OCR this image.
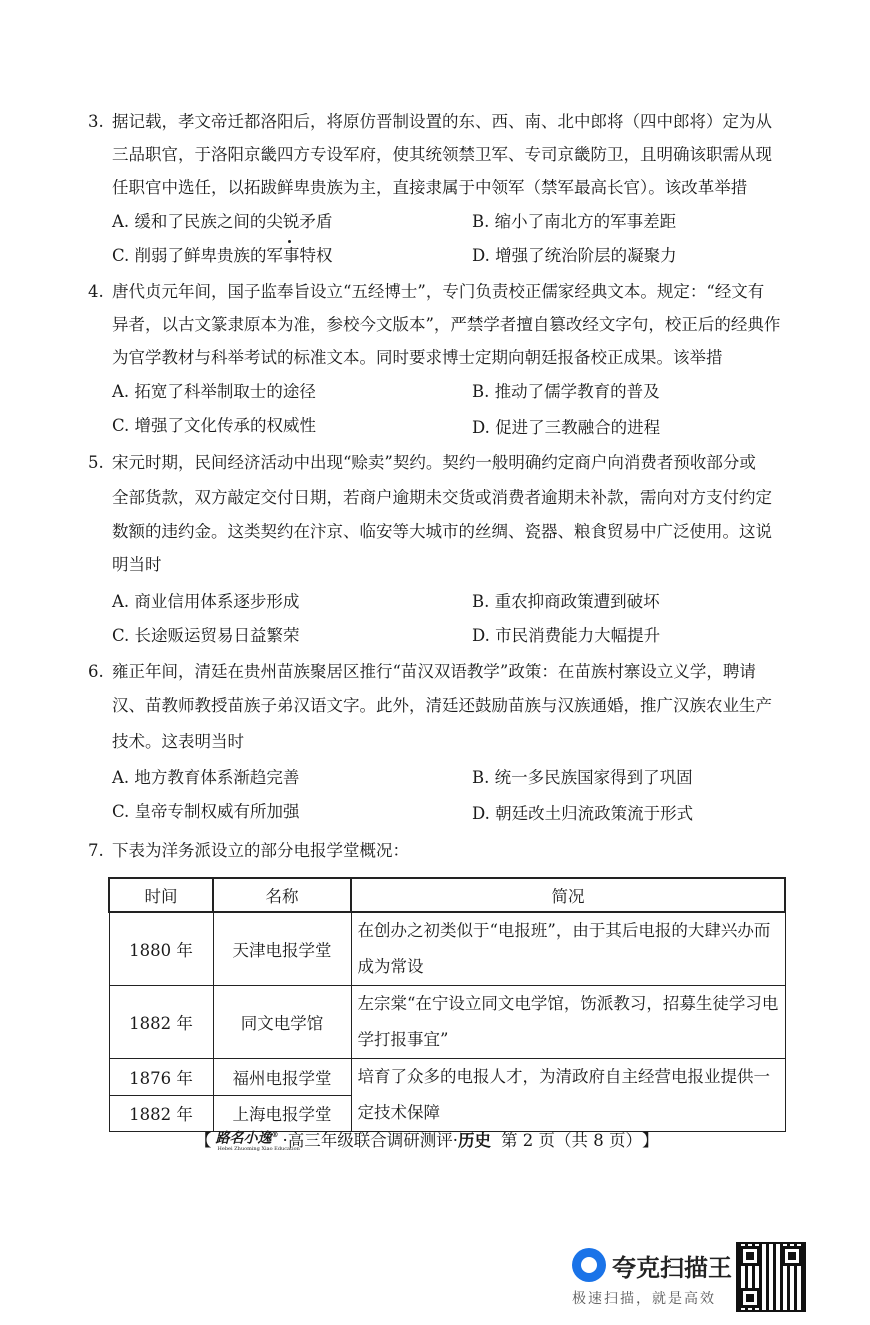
3. 据记载，孝文帝迁都洛阳后，将原仿晋制设置的东、西、南、北中郎将（四中郎将）定为从
三品职官，于洛阳京畿四方专设军府，使其统领禁卫军、专司京畿防卫，且明确该职需从现
任职官中选任，以拓跋鲜卑贵族为主，直接隶属于中领军（禁军最高长官）。该改革举措
A. 缓和了民族之间的尖锐矛盾	B. 缩小了南北方的军事差距
C. 削弱了鲜卑贵族的军事特权	D. 增强了统治阶层的凝聚力
4. 唐代贞元年间，国子监奉旨设立“五经博士”，专门负责校正儒家经典文本。规定：“经文有
异者，以古文篆隶原本为准，参校今文版本”，严禁学者擅自篡改经文字句，校正后的经典作
为官学教材与科举考试的标准文本。同时要求博士定期向朝廷报备校正成果。该举措
A. 拓宽了科举制取士的途径	B. 推动了儒学教育的普及
C. 增强了文化传承的权威性	D. 促进了三教融合的进程
5. 宋元时期，民间经济活动中出现“赊卖”契约。契约一般明确约定商户向消费者预收部分或
全部货款，双方敲定交付日期，若商户逾期未交货或消费者逾期未补款，需向对方支付约定
数额的违约金。这类契约在汴京、临安等大城市的丝绸、瓷器、粮食贸易中广泛使用。这说
明当时
A. 商业信用体系逐步形成	B. 重农抑商政策遭到破坏
C. 长途贩运贸易日益繁荣	D. 市民消费能力大幅提升
6. 雍正年间，清廷在贵州苗族聚居区推行“苗汉双语教学”政策：在苗族村寨设立义学，聘请
汉、苗教师教授苗族子弟汉语文字。此外，清廷还鼓励苗族与汉族通婚，推广汉族农业生产
技术。这表明当时
A. 地方教育体系渐趋完善	B. 统一多民族国家得到了巩固
C. 皇帝专制权威有所加强	D. 朝廷改土归流政策流于形式
7. 下表为洋务派设立的部分电报学堂概况：
时间	名称	简况
1880 年	天津电报学堂	在创办之初类似于“电报班”，由于其后电报的大肆兴办而成为常设
1882 年	同文电学馆	左宗棠“在宁设立同文电学馆，饬派教习，招募生徒学习电学打报事宜”
1876 年	福州电报学堂	培育了众多的电报人才，为清政府自主经营电报业提供一定技术保障
1882 年	上海电报学堂	
【 路名小逸®
Hebei Zhuoming Xiao Education
·高三年级联合调研测评· 历史 第 2 页（共 8 页） 】
夸克扫描王
极速扫描，就是高效
